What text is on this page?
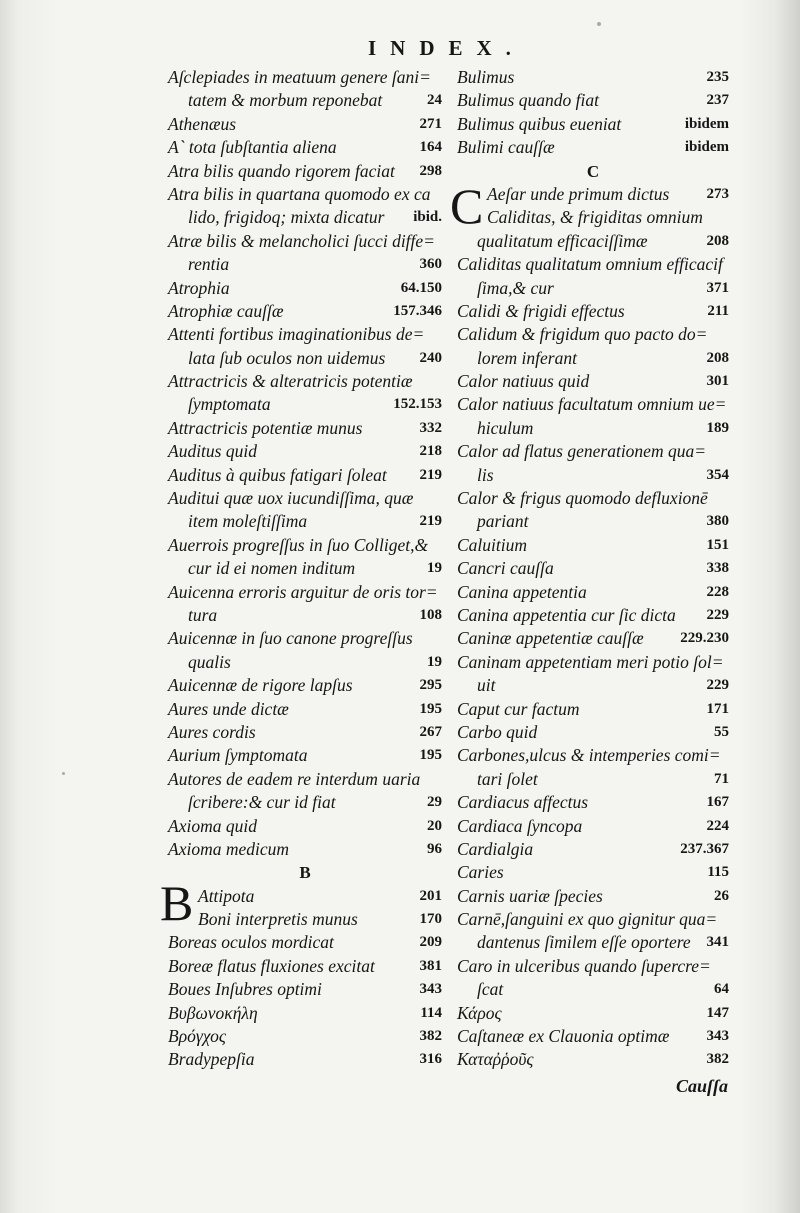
INDEX.
Aſclepiades in meatuum genere ſani=
tatem & morbum reponebat	24
Athenæus	271
A` tota ſubſtantia aliena	164
Atra bilis quando rigorem faciat 298
Atra bilis in quartana quomodo ex ca
lido, frigidoq; mixta dicatur ibid.
Atræ bilis & melancholici ſucci diffe=
rentia	360
Atrophia	64.150
Atrophiæ cauſſæ	157.346
Attenti fortibus imaginationibus de=
lata ſub oculos non uidemus 240
Attractricis & alteratricis potentiæ
ſymptomata	152.153
Attractricis potentiæ munus	332
Auditus quid	218
Auditus à quibus fatigari ſoleat 219
Auditui quæ uox iucundiſſima, quæ
item moleſtiſſima	219
Auerrois progreſſus in ſuo Colliget,&
cur id ei nomen inditum	19
Auicenna erroris arguitur de oris tor=
tura	108
Auicennæ in ſuo canone progreſſus
qualis	19
Auicennæ de rigore lapſus	295
Aures unde dictæ	195
Aures cordis	267
Aurium ſymptomata	195
Autores de eadem re interdum uaria
ſcribere:& cur id fiat	29
Axioma quid	20
Axioma medicum	96
B
Attipota	201
Boni interpretis munus	170
Boreas oculos mordicat	209
Boreæ flatus fluxiones excitat	381
Boues Inſubres optimi	343
Βυβωνοκήλη	114
Βρόγχος	382
Bradypepſia	316
Bulimus	235
Bulimus quando fiat	237
Bulimus quibus eueniat	ibidem
Bulimi cauſſæ	ibidem
C
Aeſar unde primum dictus 273
Caliditas, & frigiditas omnium
qualitatum efficaciſſimæ	208
Caliditas qualitatum omnium efficacif
ſima,& cur	371
Calidi & frigidi effectus	211
Calidum & frigidum quo pacto do=
lorem inferant	208
Calor natiuus quid	301
Calor natiuus facultatum omnium ue=
hiculum	189
Calor ad flatus generationem qua=
lis	354
Calor & frigus quomodo defluxionē
pariant	380
Caluitium	151
Cancri cauſſa	338
Canina appetentia	228
Canina appetentia cur ſic dicta 229
Caninæ appetentiæ cauſſæ 229.230
Caninam appetentiam meri potio ſol=
uit	229
Caput cur factum	171
Carbo quid	55
Carbones,ulcus & intemperies comi=
tari ſolet	71
Cardiacus affectus	167
Cardiaca ſyncopa	224
Cardialgia	237.367
Caries	115
Carnis uariæ ſpecies	26
Carnē,ſanguini ex quo gignitur qua=
dantenus ſimilem eſſe oportere 341
Caro in ulceribus quando ſupercre=
ſcat	64
Κάρος	147
Caſtaneæ ex Clauonia optimæ 343
Καταῤῥοῦς	382
B
C
Cauſſa
